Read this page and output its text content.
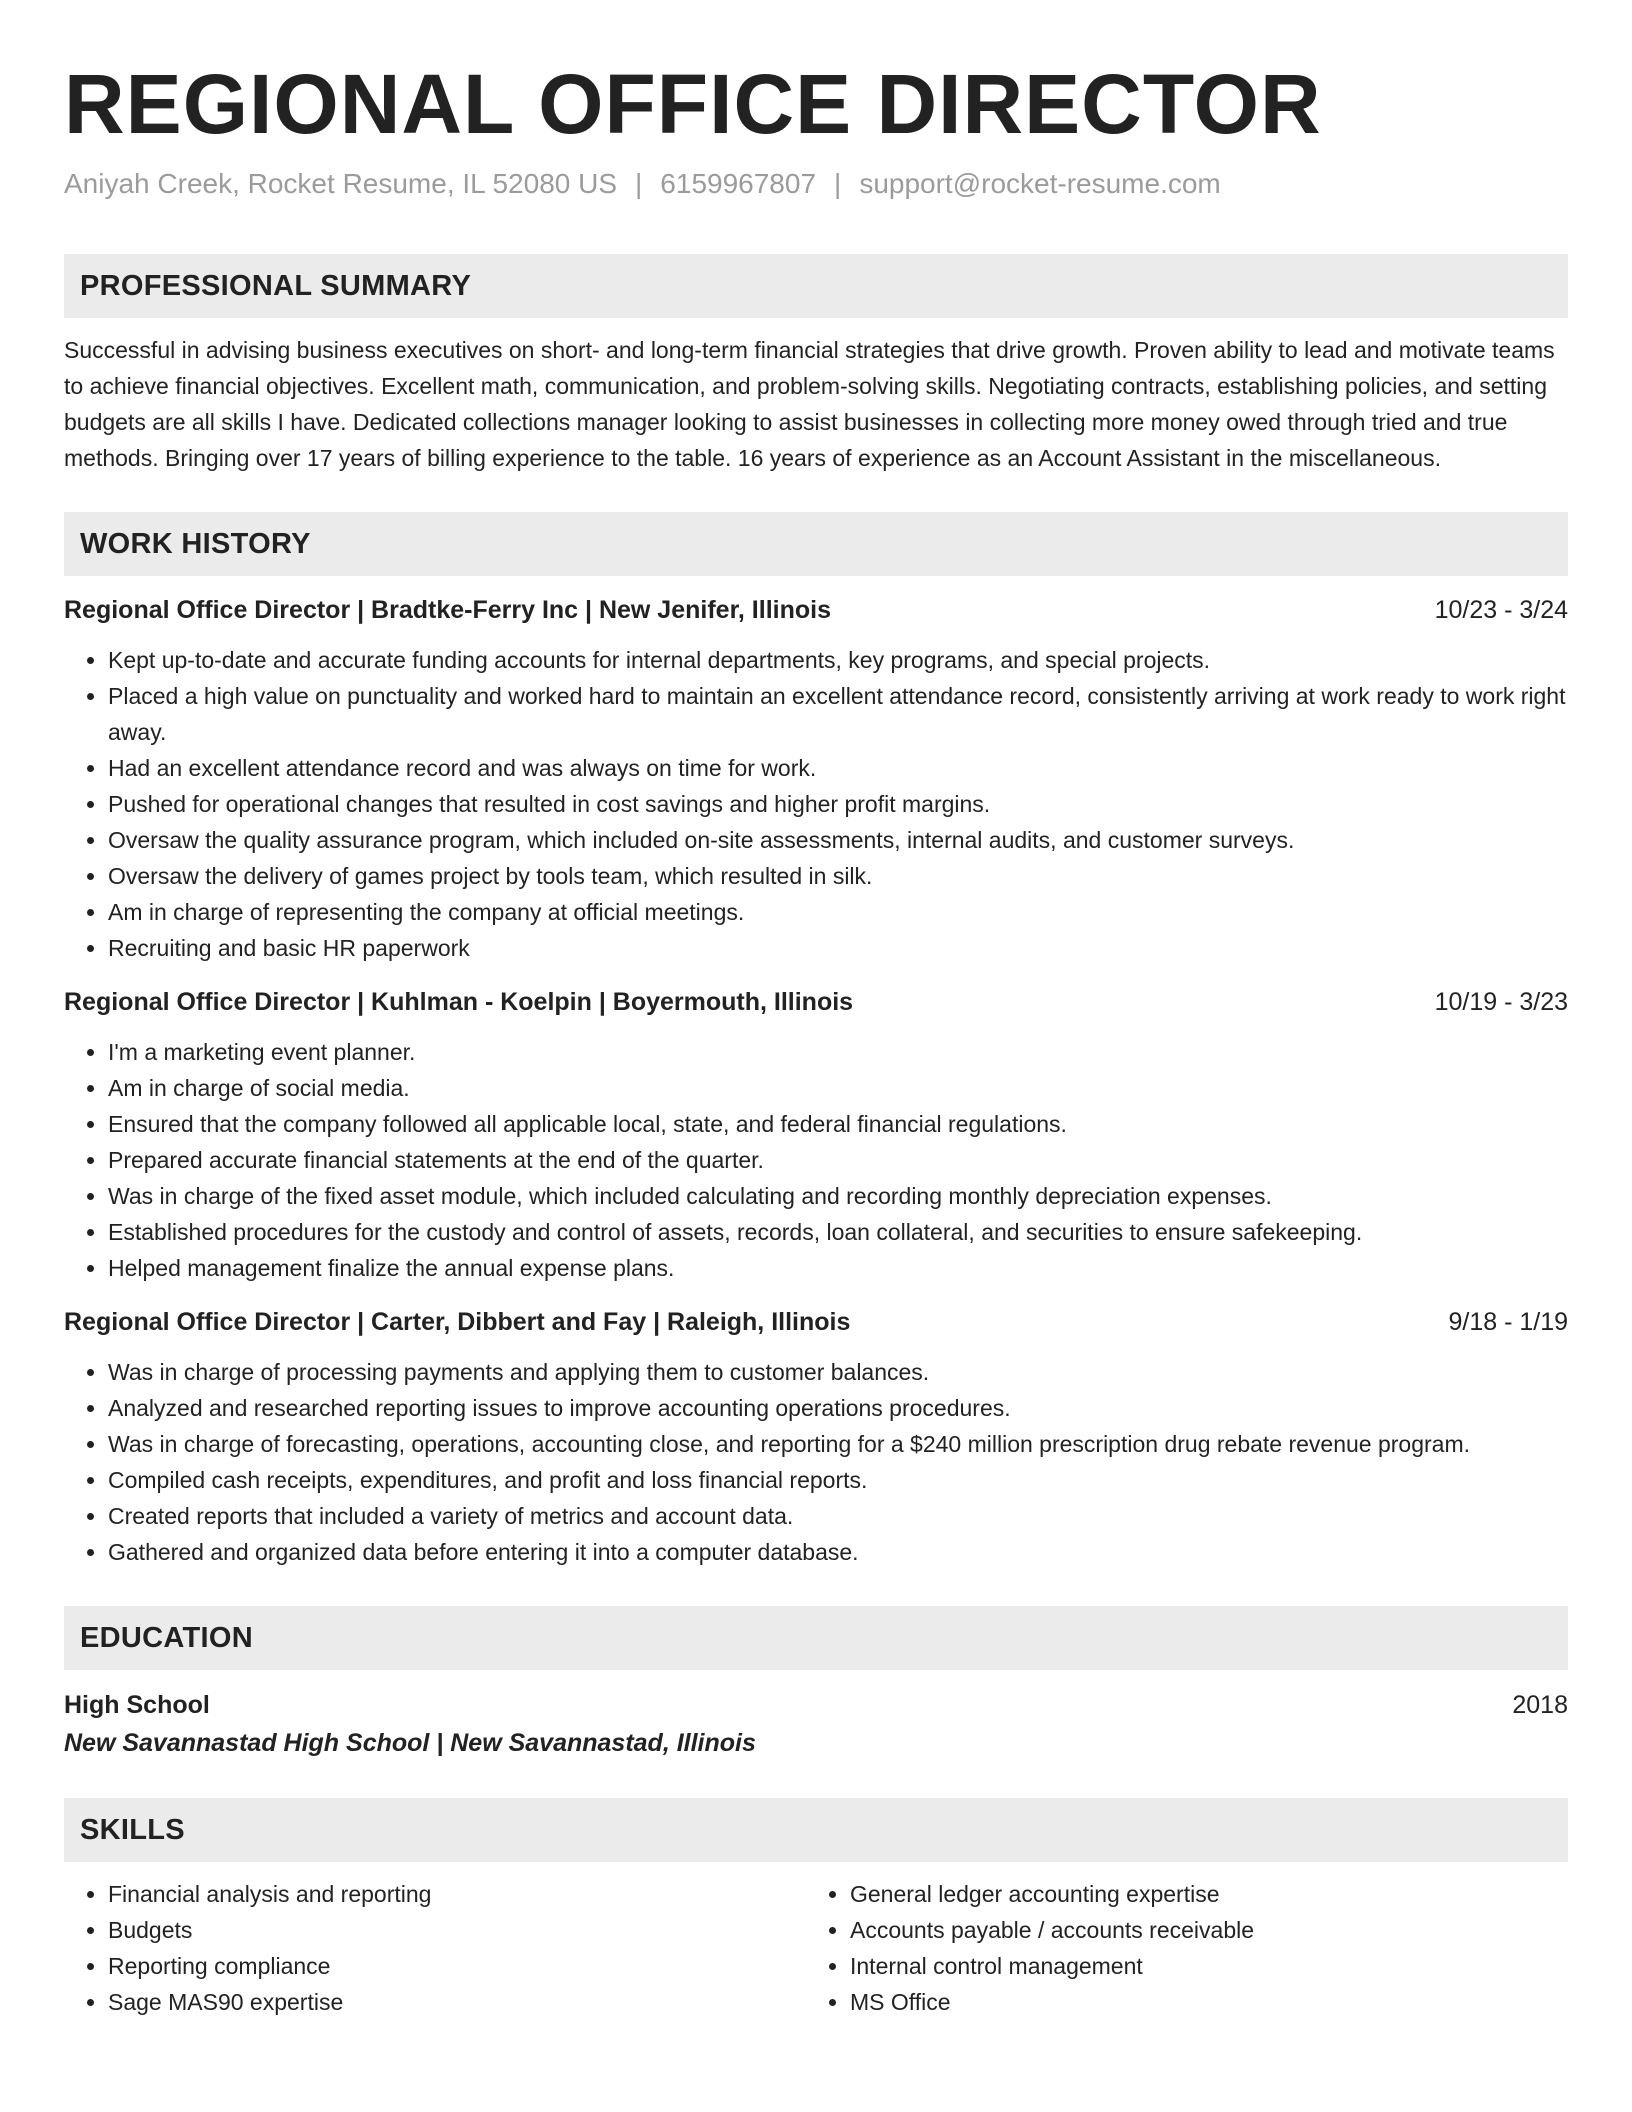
REGIONAL OFFICE DIRECTOR
Aniyah Creek, Rocket Resume, IL 52080 US | 6159967807 | support@rocket-resume.com
PROFESSIONAL SUMMARY

Successful in advising business executives on short- and long-term financial strategies that drive growth. Proven ability to lead and motivate teams to achieve financial objectives. Excellent math, communication, and problem-solving skills. Negotiating contracts, establishing policies, and setting budgets are all skills I have. Dedicated collections manager looking to assist businesses in collecting more money owed through tried and true methods. Bringing over 17 years of billing experience to the table. 16 years of experience as an Account Assistant in the miscellaneous.

WORK HISTORY
Regional Office Director | Bradtke-Ferry Inc | New Jenifer, Illinois	10/23 - 3/24
• Kept up-to-date and accurate funding accounts for internal departments, key programs, and special projects.
• Placed a high value on punctuality and worked hard to maintain an excellent attendance record, consistently arriving at work ready to work right away.
• Had an excellent attendance record and was always on time for work.
• Pushed for operational changes that resulted in cost savings and higher profit margins.
• Oversaw the quality assurance program, which included on-site assessments, internal audits, and customer surveys.
• Oversaw the delivery of games project by tools team, which resulted in silk.
• Am in charge of representing the company at official meetings.
• Recruiting and basic HR paperwork
Regional Office Director | Kuhlman - Koelpin | Boyermouth, Illinois	10/19 - 3/23
• I'm a marketing event planner.
• Am in charge of social media.
• Ensured that the company followed all applicable local, state, and federal financial regulations.
• Prepared accurate financial statements at the end of the quarter.
• Was in charge of the fixed asset module, which included calculating and recording monthly depreciation expenses.
• Established procedures for the custody and control of assets, records, loan collateral, and securities to ensure safekeeping.
• Helped management finalize the annual expense plans.
Regional Office Director | Carter, Dibbert and Fay | Raleigh, Illinois	9/18 - 1/19
• Was in charge of processing payments and applying them to customer balances.
• Analyzed and researched reporting issues to improve accounting operations procedures.
• Was in charge of forecasting, operations, accounting close, and reporting for a $240 million prescription drug rebate revenue program.
• Compiled cash receipts, expenditures, and profit and loss financial reports.
• Created reports that included a variety of metrics and account data.
• Gathered and organized data before entering it into a computer database.
EDUCATION
High School	2018
New Savannastad High School | New Savannastad, Illinois
SKILLS
• Financial analysis and reporting
• Budgets
• Reporting compliance
• Sage MAS90 expertise
• General ledger accounting expertise
• Accounts payable / accounts receivable
• Internal control management
• MS Office
